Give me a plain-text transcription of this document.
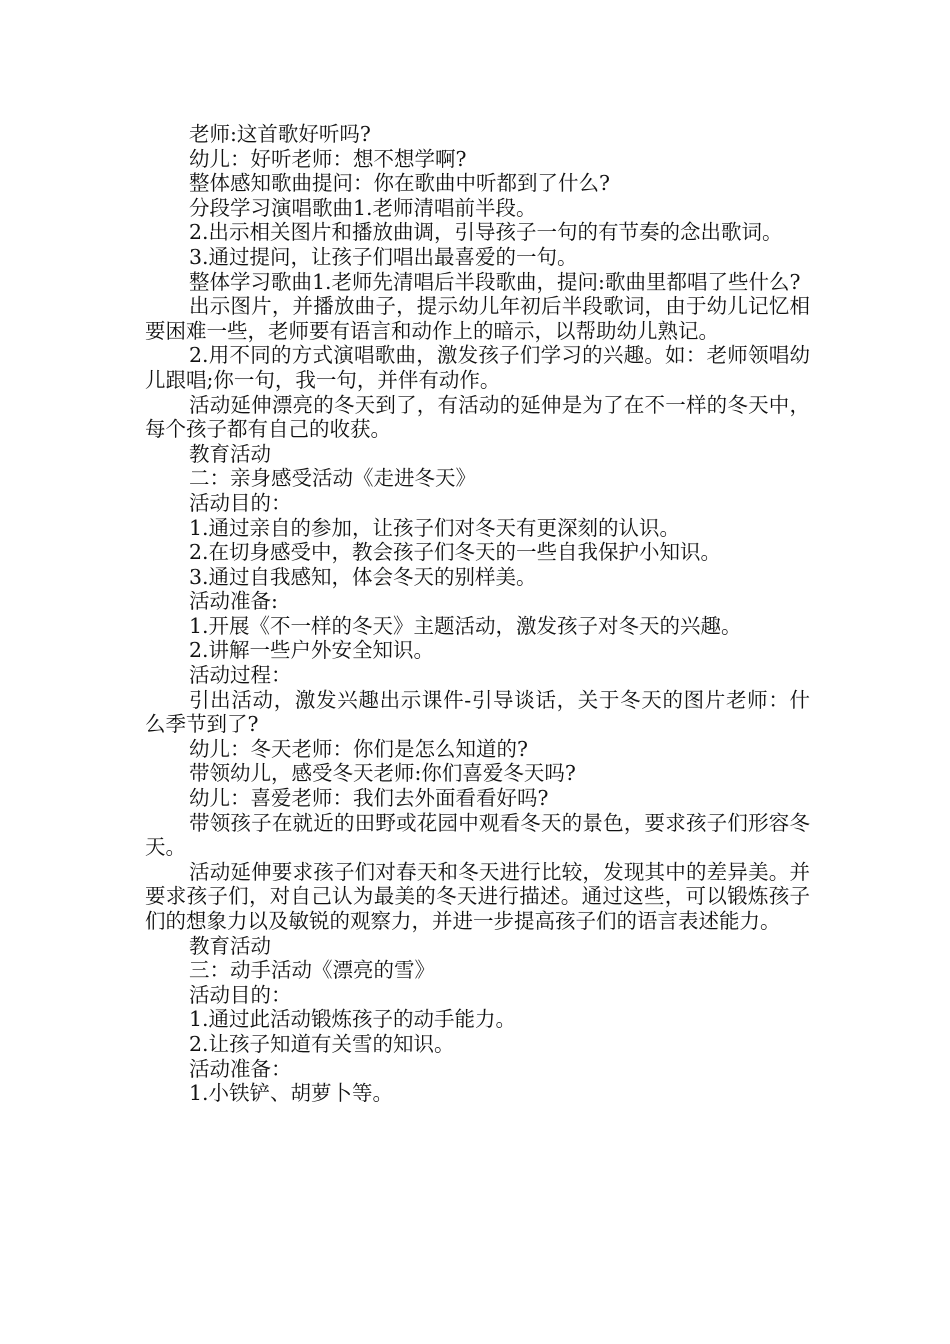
老师:这首歌好听吗?

幼儿：好听老师：想不想学啊?

整体感知歌曲提问：你在歌曲中听都到了什么?

分段学习演唱歌曲1.老师清唱前半段。

2.出示相关图片和播放曲调，引导孩子一句的有节奏的念出歌词。

3.通过提问，让孩子们唱出最喜爱的一句。

整体学习歌曲1.老师先清唱后半段歌曲，提问:歌曲里都唱了些什么?

出示图片，并播放曲子，提示幼儿年初后半段歌词，由于幼儿记忆相要困难一些，老师要有语言和动作上的暗示，以帮助幼儿熟记。

2.用不同的方式演唱歌曲，激发孩子们学习的兴趣。如：老师领唱幼儿跟唱;你一句，我一句，并伴有动作。

活动延伸漂亮的冬天到了，有活动的延伸是为了在不一样的冬天中，每个孩子都有自己的收获。

教育活动

二：亲身感受活动《走进冬天》

活动目的：

1.通过亲自的参加，让孩子们对冬天有更深刻的认识。

2.在切身感受中，教会孩子们冬天的一些自我保护小知识。

3.通过自我感知，体会冬天的别样美。

活动准备:

1.开展《不一样的冬天》主题活动，激发孩子对冬天的兴趣。

2.讲解一些户外安全知识。

活动过程：

引出活动，激发兴趣出示课件-引导谈话，关于冬天的图片老师：什么季节到了?

幼儿：冬天老师：你们是怎么知道的?

带领幼儿，感受冬天老师:你们喜爱冬天吗?

幼儿：喜爱老师：我们去外面看看好吗?

带领孩子在就近的田野或花园中观看冬天的景色，要求孩子们形容冬天。

活动延伸要求孩子们对春天和冬天进行比较，发现其中的差异美。并要求孩子们，对自己认为最美的冬天进行描述。通过这些，可以锻炼孩子们的想象力以及敏锐的观察力，并进一步提高孩子们的语言表述能力。

教育活动

三：动手活动《漂亮的雪》

活动目的：

1.通过此活动锻炼孩子的动手能力。

2.让孩子知道有关雪的知识。

活动准备：

1.小铁铲、胡萝卜等。
